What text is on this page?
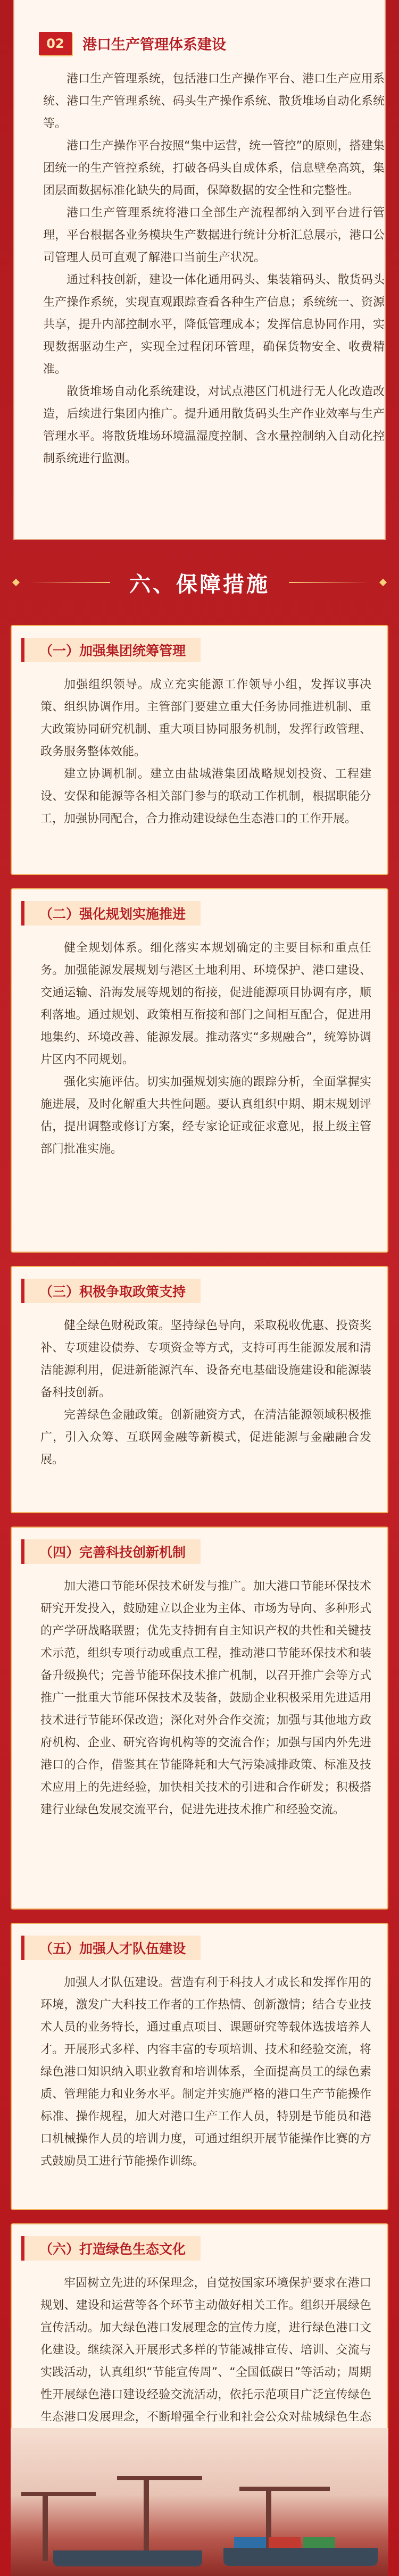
02	港口生产管理体系建设

港口生产管理系统，包括港口生产操作平台、港口生产应用系统、港口生产管理系统、码头生产操作系统、散货堆场自动化系统等。

港口生产操作平台按照“集中运营，统一管控”的原则，搭建集团统一的生产管控系统，打破各码头自成体系，信息壁垒高筑，集团层面数据标准化缺失的局面，保障数据的安全性和完整性。

港口生产管理系统将港口全部生产流程都纳入到平台进行管理，平台根据各业务模块生产数据进行统计分析汇总展示，港口公司管理人员可直观了解港口当前生产状况。

通过科技创新，建设一体化通用码头、集装箱码头、散货码头生产操作系统，实现直观跟踪查看各种生产信息；系统统一、资源共享，提升内部控制水平，降低管理成本；发挥信息协同作用，实现数据驱动生产，实现全过程闭环管理，确保货物安全、收费精准。

散货堆场自动化系统建设，对试点港区门机进行无人化改造改造，后续进行集团内推广。提升通用散货码头生产作业效率与生产管理水平。将散货堆场环境温湿度控制、含水量控制纳入自动化控制系统进行监测。

六、保障措施
（一）加强集团统筹管理

加强组织领导。成立充实能源工作领导小组，发挥议事决策、组织协调作用。主管部门要建立重大任务协同推进机制、重大政策协同研究机制、重大项目协同服务机制，发挥行政管理、政务服务整体效能。

建立协调机制。建立由盐城港集团战略规划投资、工程建设、安保和能源等各相关部门参与的联动工作机制，根据职能分工，加强协同配合，合力推动建设绿色生态港口的工作开展。

（二）强化规划实施推进

健全规划体系。细化落实本规划确定的主要目标和重点任务。加强能源发展规划与港区土地利用、环境保护、港口建设、交通运输、沿海发展等规划的衔接，促进能源项目协调有序，顺利落地。通过规划、政策相互衔接和部门之间相互配合，促进用地集约、环境改善、能源发展。推动落实“多规融合”，统筹协调片区内不同规划。

强化实施评估。切实加强规划实施的跟踪分析，全面掌握实施进展，及时化解重大共性问题。要认真组织中期、期末规划评估，提出调整或修订方案，经专家论证或征求意见，报上级主管部门批准实施。

（三）积极争取政策支持

健全绿色财税政策。坚持绿色导向，采取税收优惠、投资奖补、专项建设债券、专项资金等方式，支持可再生能源发展和清洁能源利用，促进新能源汽车、设备充电基础设施建设和能源装备科技创新。

完善绿色金融政策。创新融资方式，在清洁能源领域积极推广，引入众筹、互联网金融等新模式，促进能源与金融融合发展。

（四）完善科技创新机制

加大港口节能环保技术研发与推广。加大港口节能环保技术研究开发投入，鼓励建立以企业为主体、市场为导向、多种形式的产学研战略联盟；优先支持拥有自主知识产权的共性和关键技术示范，组织专项行动或重点工程，推动港口节能环保技术和装备升级换代；完善节能环保技术推广机制，以召开推广会等方式推广一批重大节能环保技术及装备，鼓励企业积极采用先进适用技术进行节能环保改造；深化对外合作交流；加强与其他地方政府机构、企业、研究咨询机构等的交流合作；加强与国内外先进港口的合作，借鉴其在节能降耗和大气污染减排政策、标准及技术应用上的先进经验，加快相关技术的引进和合作研发；积极搭建行业绿色发展交流平台，促进先进技术推广和经验交流。

（五）加强人才队伍建设

加强人才队伍建设。营造有利于科技人才成长和发挥作用的环境，激发广大科技工作者的工作热情、创新激情；结合专业技术人员的业务特长，通过重点项目、课题研究等载体选拔培养人才。开展形式多样、内容丰富的专项培训、技术和经验交流，将绿色港口知识纳入职业教育和培训体系，全面提高员工的绿色素质、管理能力和业务水平。制定并实施严格的港口生产节能操作标准、操作规程，加大对港口生产工作人员，特别是节能员和港口机械操作人员的培训力度，可通过组织开展节能操作比赛的方式鼓励员工进行节能操作训练。

（六）打造绿色生态文化

牢固树立先进的环保理念，自觉按国家环境保护要求在港口规划、建设和运营等各个环节主动做好相关工作。组织开展绿色宣传活动。加大绿色港口发展理念的宣传力度，进行绿色港口文化建设。继续深入开展形式多样的节能减排宣传、培训、交流与实践活动，认真组织“节能宣传周”、“全国低碳日”等活动；周期性开展绿色港口建设经验交流活动，依托示范项目广泛宣传绿色生态港口发展理念，不断增强全行业和社会公众对盐城绿色生态
